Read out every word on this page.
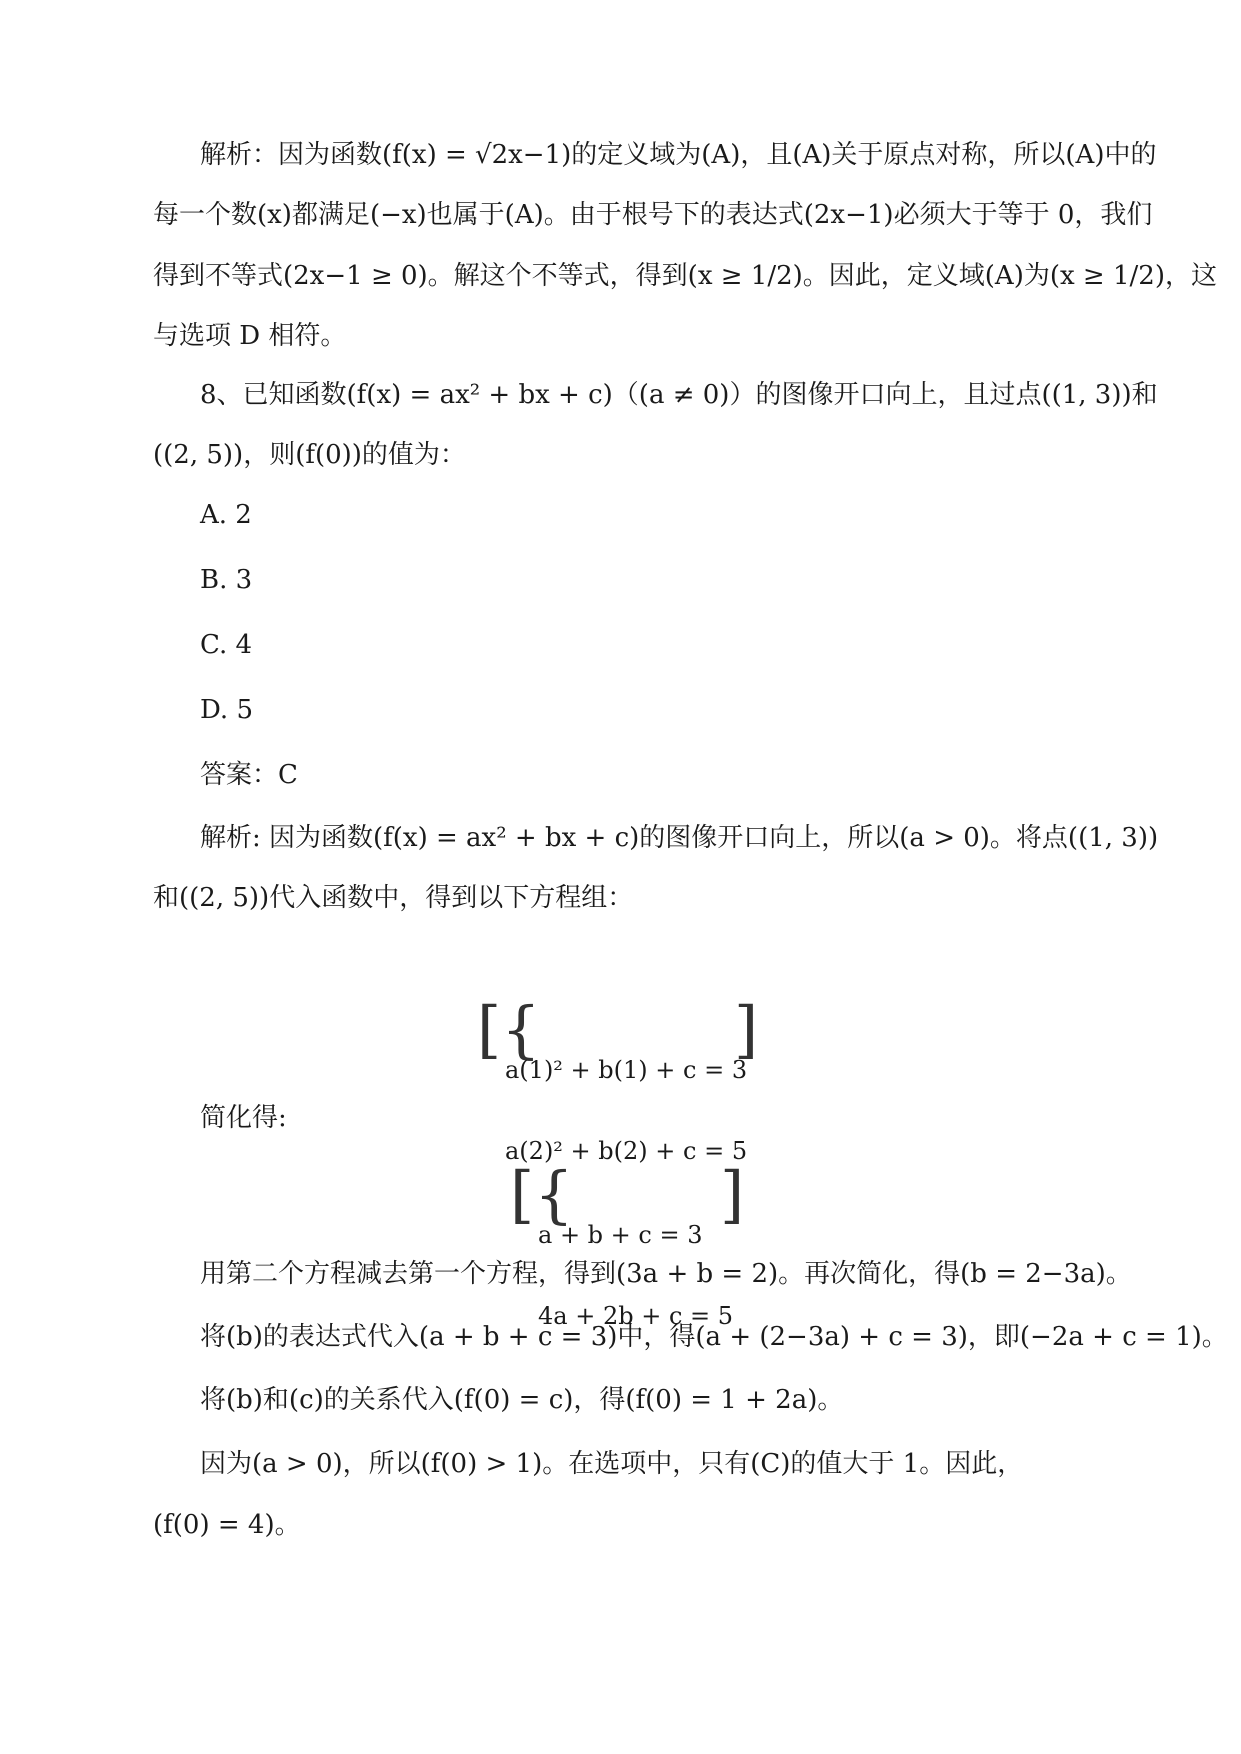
解析：因为函数(f(x) = √2x−1)的定义域为(A)，且(A)关于原点对称，所以(A)中的
每一个数(x)都满足(−x)也属于(A)。由于根号下的表达式(2x−1)必须大于等于 0，我们
得到不等式(2x−1 ≥ 0)。解这个不等式，得到(x ≥ 1/2)。因此，定义域(A)为(x ≥ 1/2)，这
与选项 D 相符。
8、已知函数(f(x) = ax² + bx + c)（(a ≠ 0)）的图像开口向上，且过点((1, 3))和
((2, 5))，则(f(0))的值为：
A. 2
B. 3
C. 4
D. 5
答案：C
解析: 因为函数(f(x) = ax² + bx + c)的图像开口向上，所以(a > 0)。将点((1, 3))
和((2, 5))代入函数中，得到以下方程组：

[{

a(1)² + b(1) + c = 3

a(2)² + b(2) + c = 5

]

简化得:

[{

a + b + c = 3

4a + 2b + c = 5

]

用第二个方程减去第一个方程，得到(3a + b = 2)。再次简化，得(b = 2−3a)。
将(b)的表达式代入(a + b + c = 3)中，得(a + (2−3a) + c = 3)，即(−2a + c = 1)。
将(b)和(c)的关系代入(f(0) = c)，得(f(0) = 1 + 2a)。
因为(a > 0)，所以(f(0) > 1)。在选项中，只有(C)的值大于 1。因此，
(f(0) = 4)。
